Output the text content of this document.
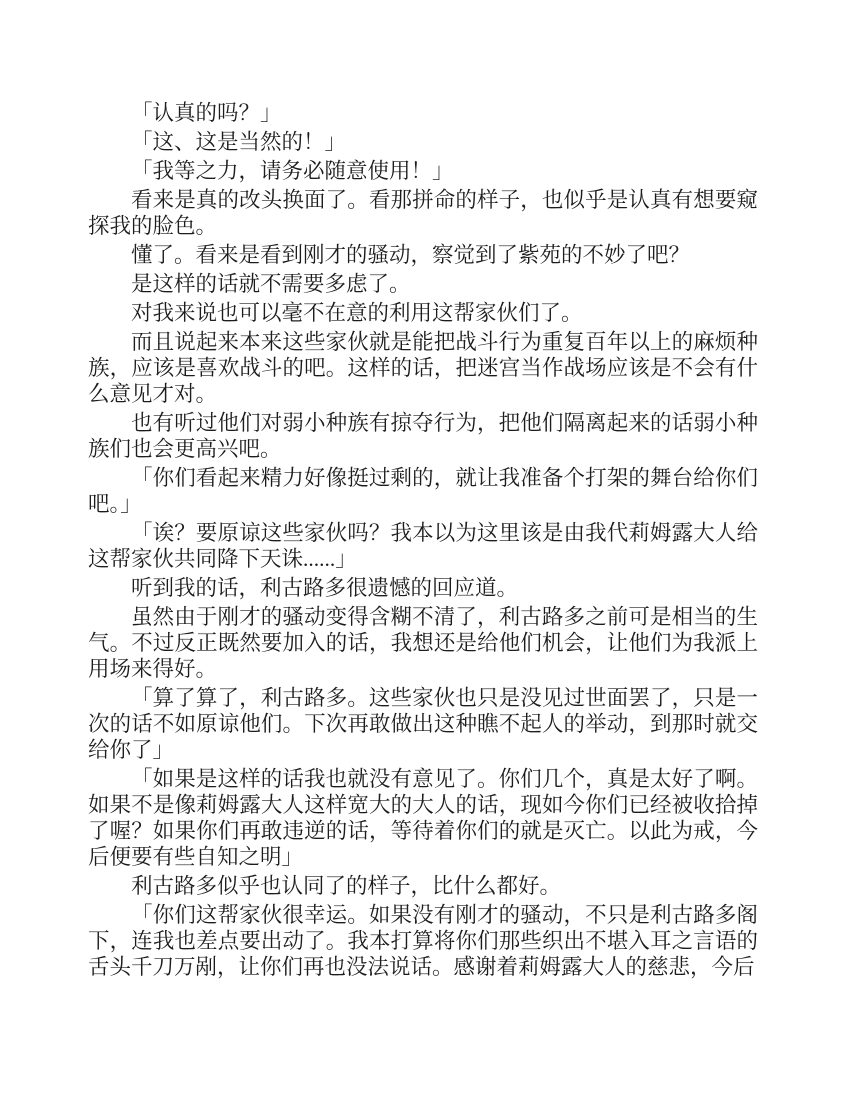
「认真的吗？」

「这、这是当然的！」

「我等之力，请务必随意使用！」

看来是真的改头换面了。看那拼命的样子，也似乎是认真有想要窥探我的脸色。

懂了。看来是看到刚才的骚动，察觉到了紫苑的不妙了吧？

是这样的话就不需要多虑了。

对我来说也可以毫不在意的利用这帮家伙们了。

而且说起来本来这些家伙就是能把战斗行为重复百年以上的麻烦种族，应该是喜欢战斗的吧。这样的话，把迷宫当作战场应该是不会有什么意见才对。

也有听过他们对弱小种族有掠夺行为，把他们隔离起来的话弱小种族们也会更高兴吧。

「你们看起来精力好像挺过剩的，就让我准备个打架的舞台给你们吧。」

「诶？要原谅这些家伙吗？我本以为这里该是由我代莉姆露大人给这帮家伙共同降下天诛......」

听到我的话，利古路多很遗憾的回应道。

虽然由于刚才的骚动变得含糊不清了，利古路多之前可是相当的生气。不过反正既然要加入的话，我想还是给他们机会，让他们为我派上用场来得好。

「算了算了，利古路多。这些家伙也只是没见过世面罢了，只是一次的话不如原谅他们。下次再敢做出这种瞧不起人的举动，到那时就交给你了」

「如果是这样的话我也就没有意见了。你们几个，真是太好了啊。如果不是像莉姆露大人这样宽大的大人的话，现如今你们已经被收拾掉了喔？如果你们再敢违逆的话，等待着你们的就是灭亡。以此为戒，今后便要有些自知之明」

利古路多似乎也认同了的样子，比什么都好。

「你们这帮家伙很幸运。如果没有刚才的骚动，不只是利古路多阁下，连我也差点要出动了。我本打算将你们那些织出不堪入耳之言语的舌头千刀万剐，让你们再也没法说话。感谢着莉姆露大人的慈悲，今后
